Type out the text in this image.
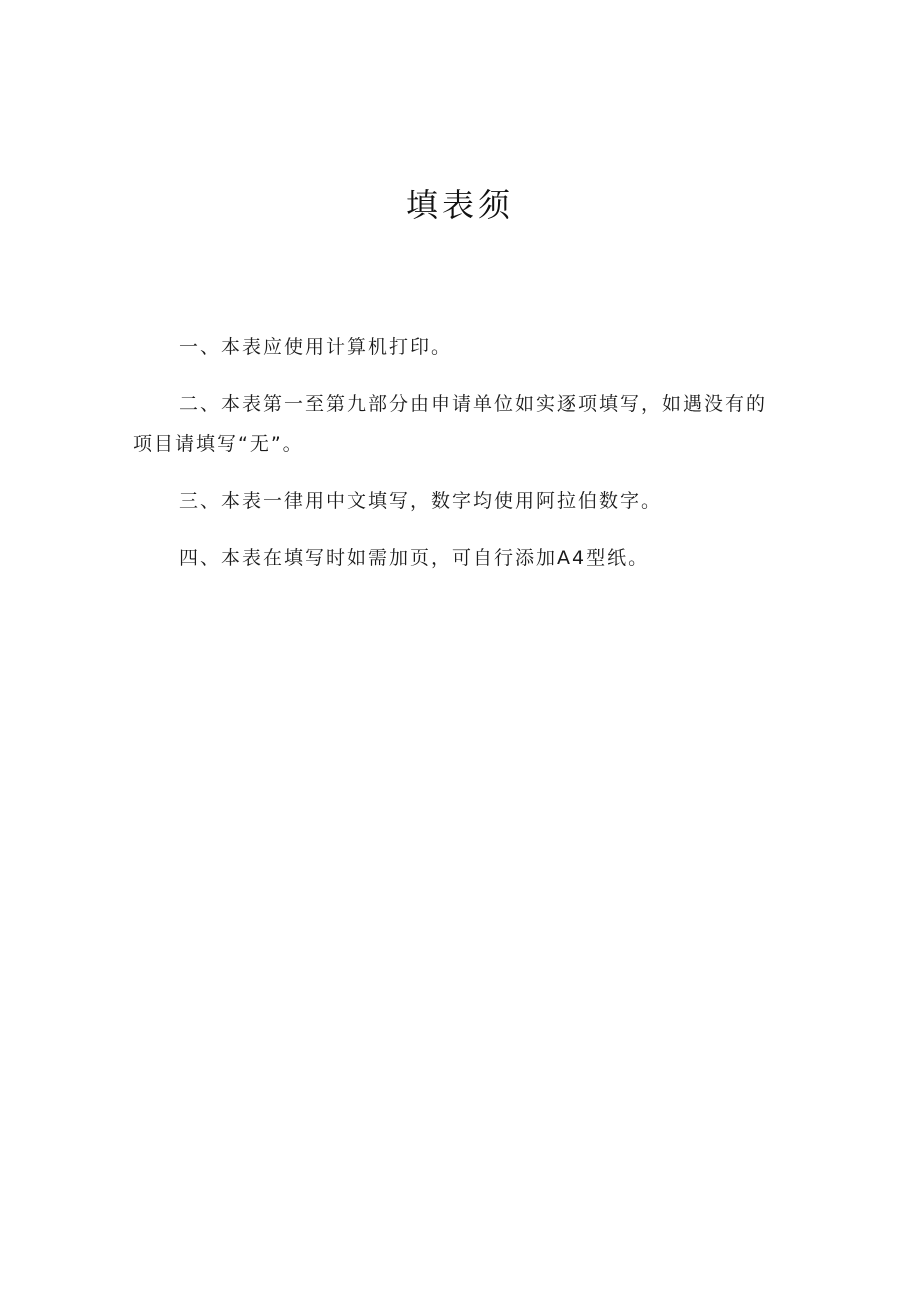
填表须

一、本表应使用计算机打印。

二、本表第一至第九部分由申请单位如实逐项填写，如遇没有的项目请填写“无”。

三、本表一律用中文填写，数字均使用阿拉伯数字。

四、本表在填写时如需加页，可自行添加A4型纸。
